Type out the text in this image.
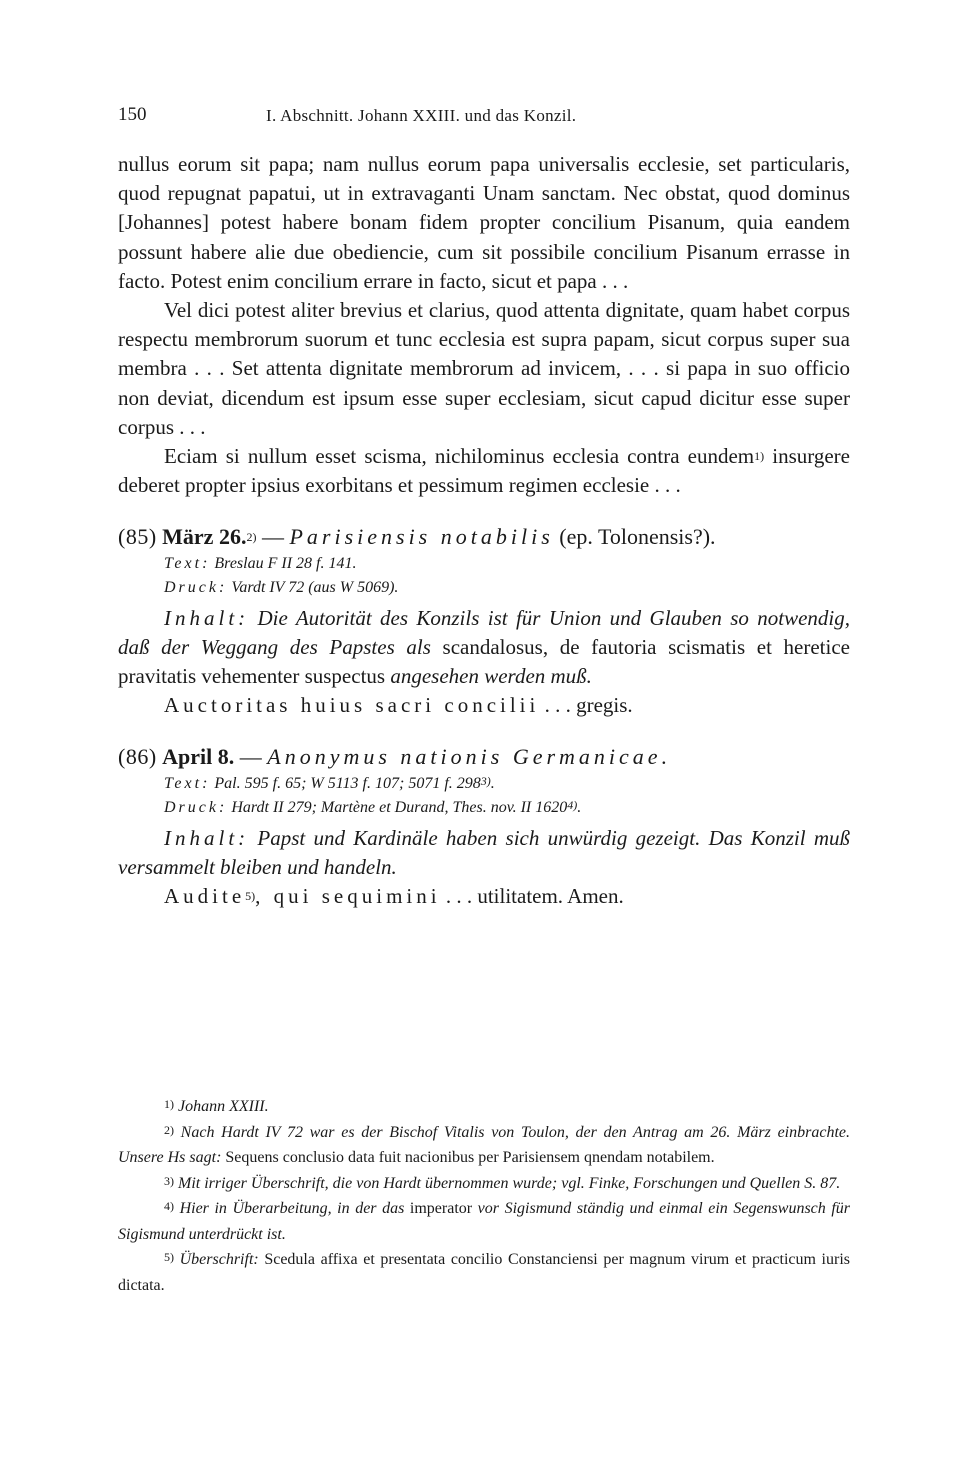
150	I. Abschnitt. Johann XXIII. und das Konzil.

nullus eorum sit papa; nam nullus eorum papa universalis ecclesie, set particularis, quod repugnat papatui, ut in extravaganti Unam sanctam. Nec obstat, quod dominus [Johannes] potest habere bonam fidem propter concilium Pisanum, quia eandem possunt habere alie due obediencie, cum sit possibile concilium Pisanum errasse in facto. Potest enim concilium errare in facto, sicut et papa . . .

Vel dici potest aliter brevius et clarius, quod attenta dignitate, quam habet corpus respectu membrorum suorum et tunc ecclesia est supra papam, sicut corpus super sua membra . . . Set attenta dignitate membrorum ad invicem, . . . si papa in suo officio non deviat, dicendum est ipsum esse super ecclesiam, sicut capud dicitur esse super corpus . . .

Eciam si nullum esset scisma, nichilominus ecclesia contra eundem$^{1)}$ insurgere deberet propter ipsius exorbitans et pessimum regimen ecclesie . . .

(85) März 26.$^{2)}$ — Parisiensis notabilis (ep. Tolonensis?).
Text: Breslau F II 28 f. 141.
Druck: Vardt IV 72 (aus W 5069).

Inhalt: Die Autorität des Konzils ist für Union und Glauben so notwendig, daß der Weggang des Papstes als scandalosus, de fautoria scismatis et heretice pravitatis vehementer suspectus angesehen werden muß.

Auctoritas huius sacri concilii . . . gregis.

(86) April 8. — Anonymus nationis Germanicae.
Text: Pal. 595 f. 65; W 5113 f. 107; 5071 f. 298$^{3)}$.
Druck: Hardt II 279; Martène et Durand, Thes. nov. II 1620$^{4)}$.

Inhalt: Papst und Kardinäle haben sich unwürdig gezeigt. Das Konzil muß versammelt bleiben und handeln.

Audite$^{5)}$, qui sequimini . . . utilitatem. Amen.

$^{1)}$ Johann XXIII.

$^{2)}$ Nach Hardt IV 72 war es der Bischof Vitalis von Toulon, der den Antrag am 26. März einbrachte. Unsere Hs sagt: Sequens conclusio data fuit nacionibus per Parisiensem qnendam notabilem.

$^{3)}$ Mit irriger Überschrift, die von Hardt übernommen wurde; vgl. Finke, Forschungen und Quellen S. 87.

$^{4)}$ Hier in Überarbeitung, in der das imperator vor Sigismund ständig und einmal ein Segenswunsch für Sigismund unterdrückt ist.

$^{5)}$ Überschrift: Scedula affixa et presentata concilio Constanciensi per magnum virum et practicum iuris dictata.
